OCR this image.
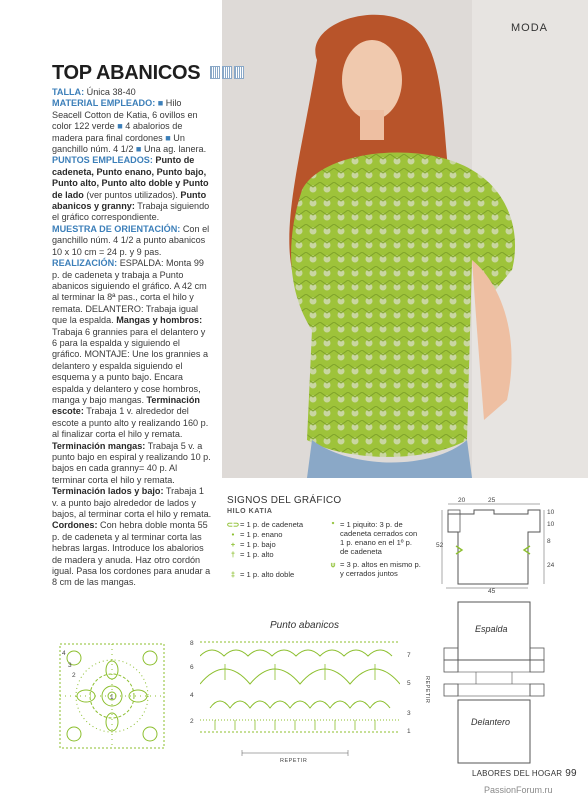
MODA
TOP ABANICOS
TALLA: Única 38-40
MATERIAL EMPLEADO: ■ Hilo Seacell Cotton de Katia, 6 ovillos en color 122 verde ■ 4 abalorios de madera para final cordones ■ Un ganchillo núm. 4 1/2 ■ Una ag. lanera.
PUNTOS EMPLEADOS: Punto de cadeneta, Punto enano, Punto bajo, Punto alto, Punto alto doble y Punto de lado (ver puntos utilizados). Punto abanicos y granny: Trabaja siguiendo el gráfico correspondiente.
MUESTRA DE ORIENTACIÓN: Con el ganchillo núm. 4 1/2 a punto abanicos 10 x 10 cm = 24 p. y 9 pas.
REALIZACIÓN: ESPALDA: Monta 99 p. de cadeneta y trabaja a Punto abanicos siguiendo el gráfico. A 42 cm al terminar la 8ª pas., corta el hilo y remata. DELANTERO: Trabaja igual que la espalda. Mangas y hombros: Trabaja 6 grannies para el delantero y 6 para la espalda y siguiendo el gráfico. MONTAJE: Une los grannies a delantero y espalda siguiendo el esquema y a punto bajo. Encara espalda y delantero y cose hombros, manga y bajo mangas. Terminación escote: Trabaja 1 v. alrededor del escote a punto alto y realizando 160 p. al finalizar corta el hilo y remata.
Terminación mangas: Trabaja 5 v. a punto bajo en espiral y realizando 10 p. bajos en cada granny= 40 p. Al terminar corta el hilo y remata.
Terminación lados y bajo: Trabaja 1 v. a punto bajo alrededor de lados y bajos, al terminar corta el hilo y remata. Cordones: Con hebra doble monta 55 p. de cadeneta y al terminar corta las hebras largas. Introduce los abalorios de madera y anuda. Haz otro cordón igual. Pasa los cordones para anudar a 8 cm de las mangas.
SIGNOS DEL GRÁFICO
HILO KATIA
⊂⊃ = 1 p. de cadeneta
• = 1 p. enano
+ = 1 p. bajo
† = 1 p. alto
‡ = 1 p. alto doble
ᐤ = 1 piquito: 3 p. de cadeneta cerrados con 1 p. enano en el 1º p. de cadeneta
⍦ = 3 p. altos en mismo p. y cerrados juntos
20	25
10
10
8
24
52
45
Espalda
Delantero
4
3
2
1
Punto abanicos
8
6
4
2
7
5
3
1
REPETIR
REPETIR
LABORES DEL HOGAR 99
PassionForum.ru
